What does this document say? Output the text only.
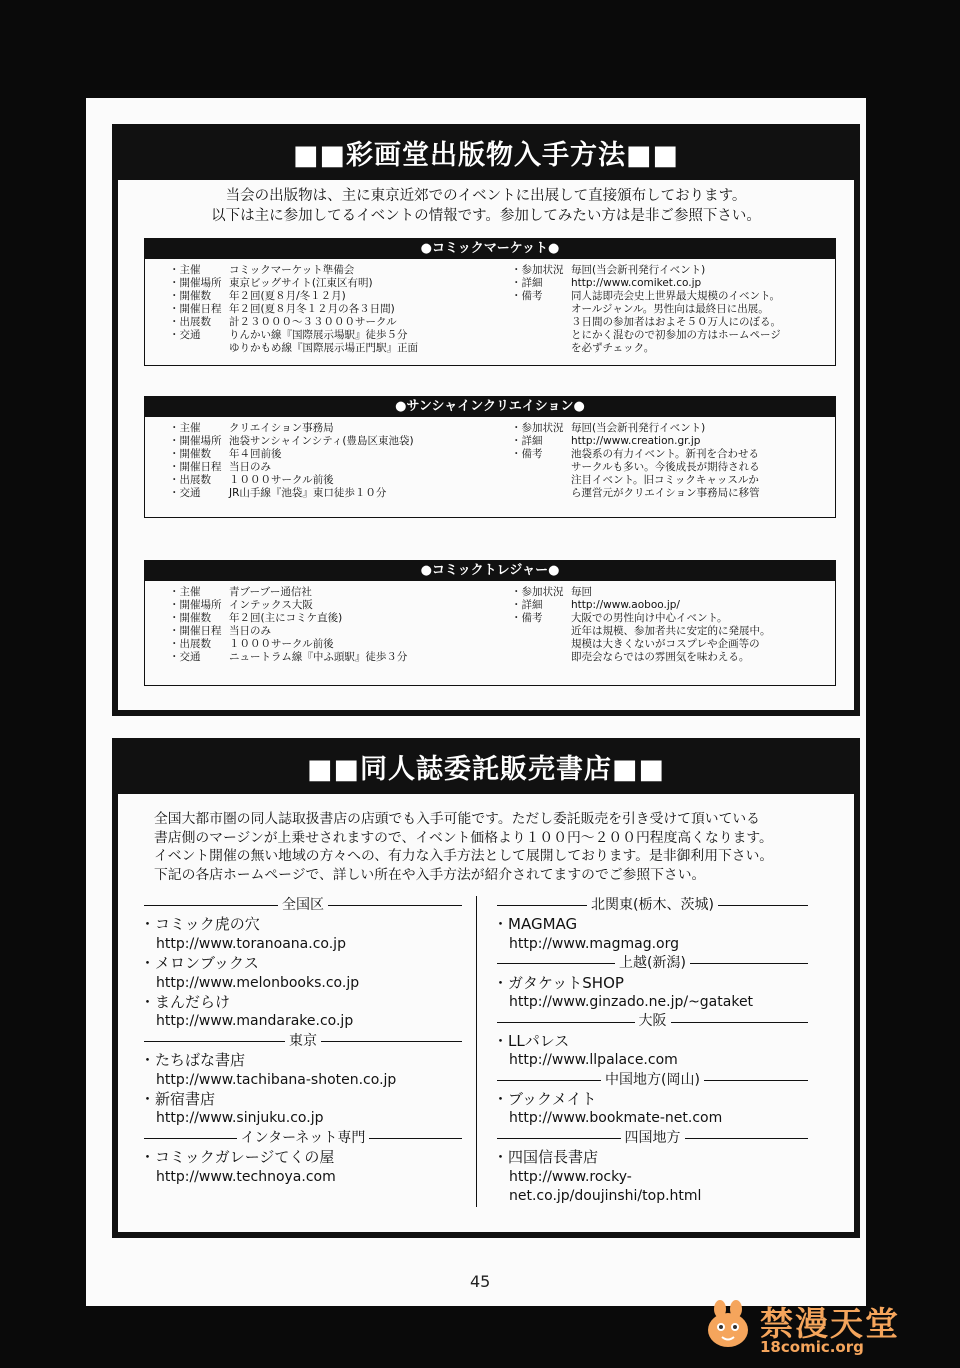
■■彩画堂出版物入手方法■■
当会の出版物は、主に東京近郊でのイベントに出展して直接頒布しております。
以下は主に参加してるイベントの情報です。参加してみたい方は是非ご参照下さい。
●コミックマーケット●
・ 主催	コミックマーケット準備会
・ 開催場所 東京ビッグサイト(江東区有明)
・ 開催数	年２回(夏８月/冬１２月)
・ 開催日程 年２回(夏８月冬１２月の各３日間)
・ 出展数	計２３０００～３３０００サークル
・ 交通	りんかい線『国際展示場駅』徒歩５分
ゆりかもめ線『国際展示場正門駅』正面
・ 参加状況 毎回(当会新刊発行イベント)
・ 詳細	http://www.comiket.co.jp
・ 備考	同人誌即売会史上世界最大規模のイベント。
オールジャンル。男性向は最終日に出展。
３日間の参加者はおよそ５０万人にのぼる。
とにかく混むので初参加の方はホームページ
を必ずチェック。
●サンシャインクリエイション●
・ 主催	クリエイション事務局
・ 開催場所 池袋サンシャインシティ(豊島区東池袋)
・ 開催数	年４回前後
・ 開催日程 当日のみ
・ 出展数	１０００サークル前後
・ 交通	JR山手線『池袋』東口徒歩１０分
・ 参加状況 毎回(当会新刊発行イベント)
・ 詳細	http://www.creation.gr.jp
・ 備考	池袋系の有力イベント。新刊を合わせる
サークルも多い。今後成長が期待される
注目イベント。旧コミックキャッスルか
ら運営元がクリエイション事務局に移管
●コミックトレジャー●
・ 主催	青ブーブー通信社
・ 開催場所 インテックス大阪
・ 開催数	年２回(主にコミケ直後)
・ 開催日程 当日のみ
・ 出展数	１０００サークル前後
・ 交通	ニュートラム線『中ふ頭駅』徒歩３分
・ 参加状況 毎回
・ 詳細	http://www.aoboo.jp/
・ 備考	大阪での男性向け中心イベント。
近年は規模、参加者共に安定的に発展中。
規模は大きくないがコスプレや企画等の
即売会ならではの雰囲気を味わえる。
■■同人誌委託販売書店■■
全国大都市圏の同人誌取扱書店の店頭でも入手可能です。ただし委託販売を引き受けて頂いている
書店側のマージンが上乗せされますので、イベント価格より１００円～２００円程度高くなります。
イベント開催の無い地域の方々への、有力な入手方法として展開しております。是非御利用下さい。
下記の各店ホームページで、詳しい所在や入手方法が紹介されてますのでご参照下さい。
全国区
・ コミック虎の穴
http://www.toranoana.co.jp
・ メロンブックス
http://www.melonbooks.co.jp
・ まんだらけ
http://www.mandarake.co.jp
東京
・ たちばな書店
http://www.tachibana-shoten.co.jp
・ 新宿書店
http://www.sinjuku.co.jp
インターネット専門
・ コミックガレージてくの屋
http://www.technoya.com
北関東(栃木、茨城)
・ MAGMAG
http://www.magmag.org
上越(新潟)
・ ガタケットSHOP
http://www.ginzado.ne.jp/~gataket
大阪
・ LLパレス
http://www.llpalace.com
中国地方(岡山)
・ ブックメイト
http://www.bookmate-net.com
四国地方
・ 四国信長書店
http://www.rocky-net.co.jp/doujinshi/top.html
45
禁漫天堂
18comic.org
